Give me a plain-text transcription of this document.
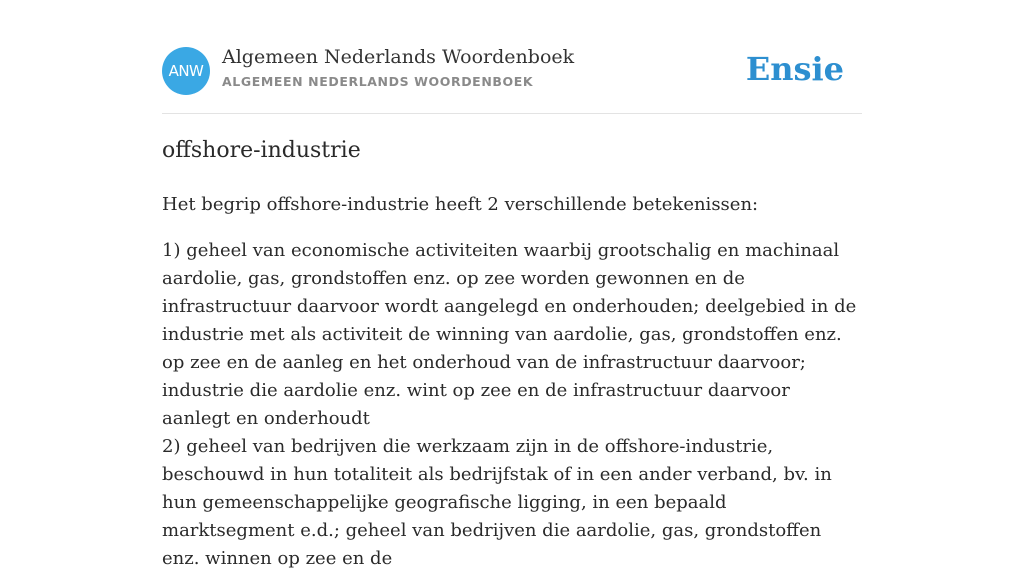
ANW
Algemeen Nederlands Woordenboek
ALGEMEEN NEDERLANDS WOORDENBOEK	Ensie
offshore-industrie

Het begrip offshore-industrie heeft 2 verschillende betekenissen:

1) geheel van economische activiteiten waarbij grootschalig en machinaal aardolie, gas, grondstoffen enz. op zee worden gewonnen en de infrastructuur daarvoor wordt aangelegd en onderhouden; deelgebied in de industrie met als activiteit de winning van aardolie, gas, grondstoffen enz. op zee en de aanleg en het onderhoud van de infrastructuur daarvoor; industrie die aardolie enz. wint op zee en de infrastructuur daarvoor aanlegt en onderhoudt
2) geheel van bedrijven die werkzaam zijn in de offshore-industrie, beschouwd in hun totaliteit als bedrijfstak of in een ander verband, bv. in hun gemeenschappelijke geografische ligging, in een bepaald marktsegment e.d.; geheel van bedrijven die aardolie, gas, grondstoffen enz. winnen op zee en de
